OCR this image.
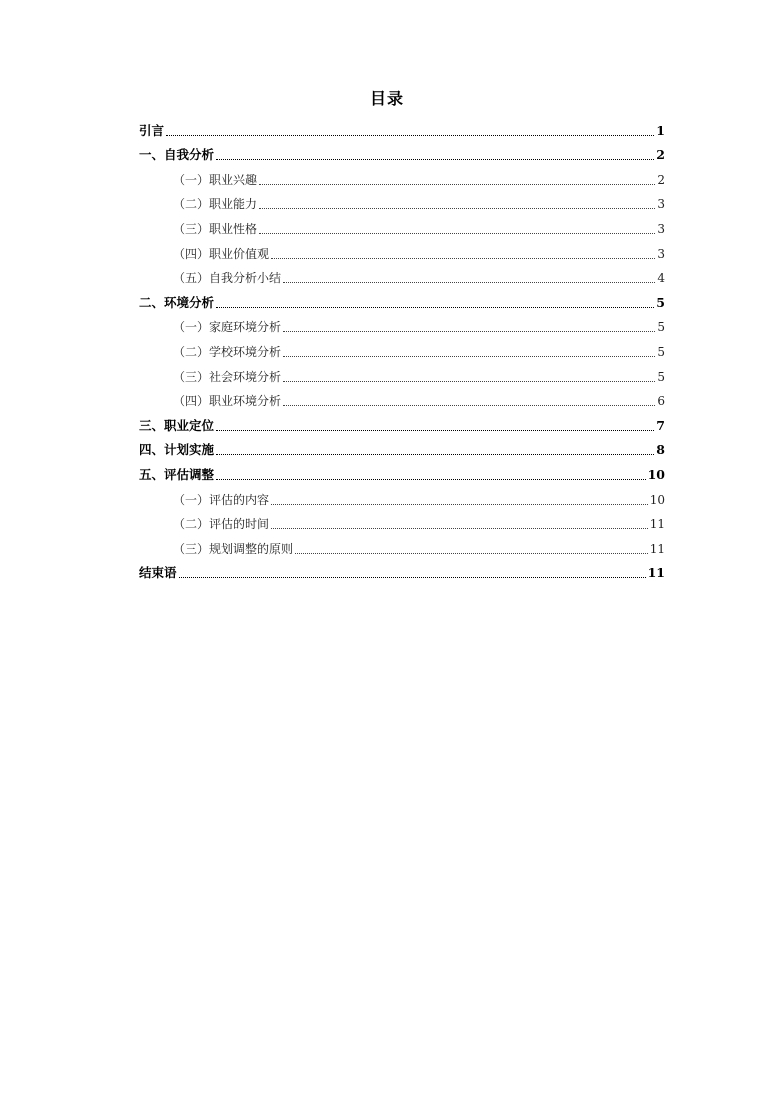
目录
引言	1
一、自我分析	2
（一）职业兴趣	2
（二）职业能力	3
（三）职业性格	3
（四）职业价值观	3
（五）自我分析小结	4
二、环境分析	5
（一）家庭环境分析	5
（二）学校环境分析	5
（三）社会环境分析	5
（四）职业环境分析	6
三、职业定位	7
四、计划实施	8
五、评估调整	10
（一）评估的内容	10
（二）评估的时间	11
（三）规划调整的原则	11
结束语	11
